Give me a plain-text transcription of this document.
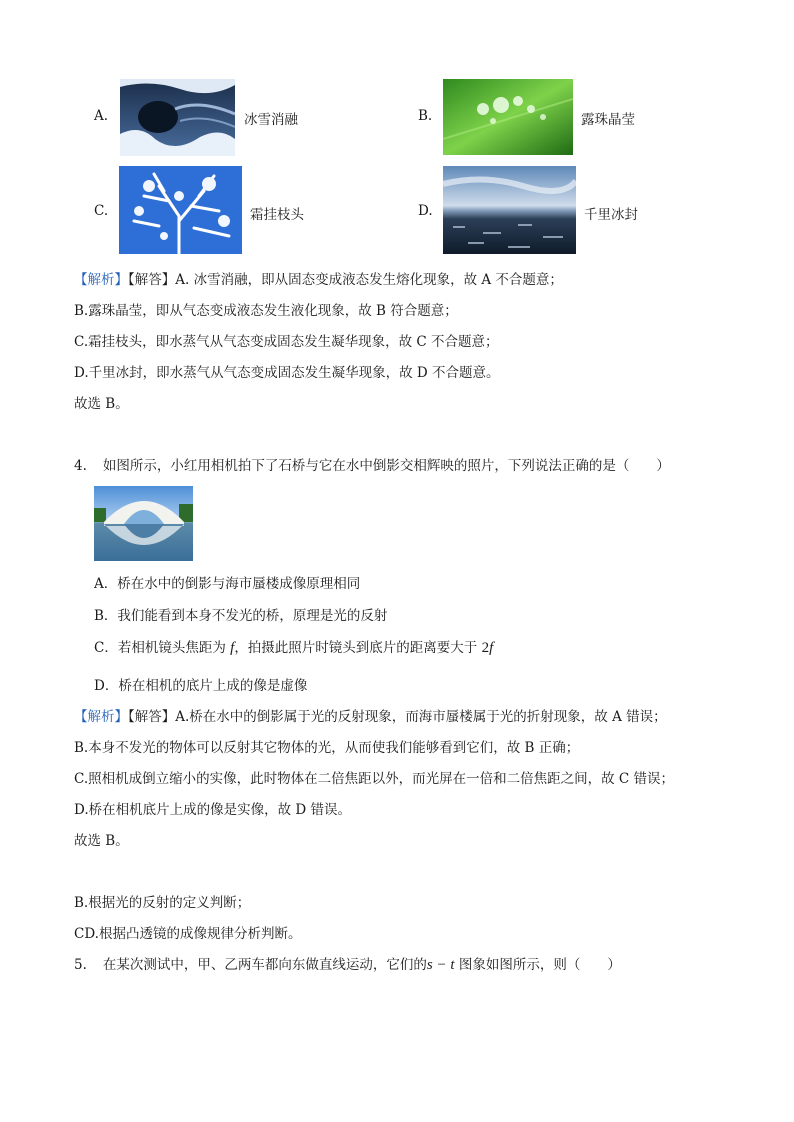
A.	冰雪消融	B.	露珠晶莹
C.	霜挂枝头	D.	千里冰封
【解析】【解答】A. 冰雪消融，即从固态变成液态发生熔化现象，故 A 不合题意；
B.露珠晶莹，即从气态变成液态发生液化现象，故 B 符合题意；
C.霜挂枝头，即水蒸气从气态变成固态发生凝华现象，故 C 不合题意；
D.千里冰封，即水蒸气从气态变成固态发生凝华现象，故 D 不合题意。
故选 B。
4. 如图所示，小红用相机拍下了石桥与它在水中倒影交相辉映的照片，下列说法正确的是（　　）
A．桥在水中的倒影与海市蜃楼成像原理相同
B．我们能看到本身不发光的桥，原理是光的反射
C．若相机镜头焦距为 f，拍摄此照片时镜头到底片的距离要大于 2f
D．桥在相机的底片上成的像是虚像
【解析】【解答】A.桥在水中的倒影属于光的反射现象，而海市蜃楼属于光的折射现象，故 A 错误；
B.本身不发光的物体可以反射其它物体的光，从而使我们能够看到它们，故 B 正确；
C.照相机成倒立缩小的实像，此时物体在二倍焦距以外，而光屏在一倍和二倍焦距之间，故 C 错误；
D.桥在相机底片上成的像是实像，故 D 错误。
故选 B。
B.根据光的反射的定义判断；
CD.根据凸透镜的成像规律分析判断。
5. 在某次测试中，甲、乙两车都向东做直线运动，它们的s − t 图象如图所示，则（　　）
